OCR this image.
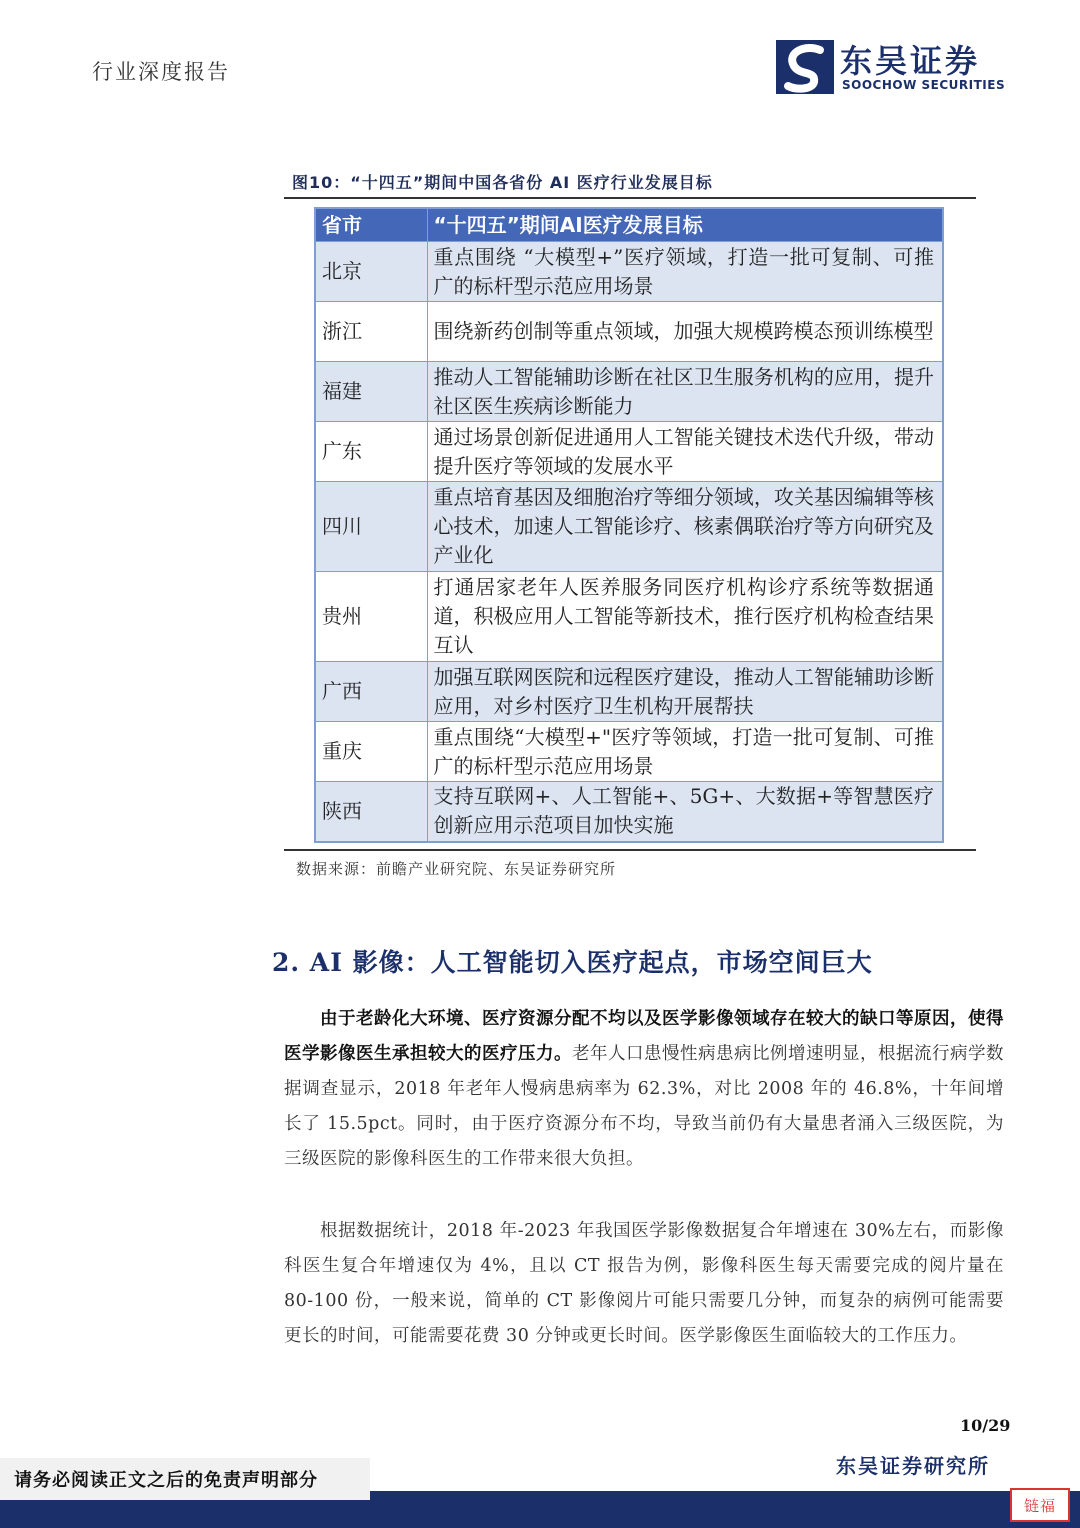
行业深度报告	东吴证券
SOOCHOW SECURITIES
图10：“十四五”期间中国各省份 AI 医疗行业发展目标
省市	“十四五”期间AI医疗发展目标
北京	重点围绕 “大模型+”医疗领域，打造一批可复制、可推广的标杆型示范应用场景
浙江	围绕新药创制等重点领域，加强大规模跨模态预训练模型
福建	推动人工智能辅助诊断在社区卫生服务机构的应用，提升社区医生疾病诊断能力
广东	通过场景创新促进通用人工智能关键技术迭代升级，带动提升医疗等领域的发展水平
四川	重点培育基因及细胞治疗等细分领域，攻关基因编辑等核心技术，加速人工智能诊疗、核素偶联治疗等方向研究及产业化
贵州	打通居家老年人医养服务同医疗机构诊疗系统等数据通道，积极应用人工智能等新技术，推行医疗机构检查结果互认
广西	加强互联网医院和远程医疗建设，推动人工智能辅助诊断应用，对乡村医疗卫生机构开展帮扶
重庆	重点围绕“大模型+"医疗等领域，打造一批可复制、可推广的标杆型示范应用场景
陕西	支持互联网+、人工智能+、5G+、大数据+等智慧医疗创新应用示范项目加快实施
数据来源：前瞻产业研究院、东吴证券研究所
2. AI 影像：人工智能切入医疗起点，市场空间巨大
由于老龄化大环境、医疗资源分配不均以及医学影像领域存在较大的缺口等原因，使得医学影像医生承担较大的医疗压力。老年人口患慢性病患病比例增速明显，根据流行病学数据调查显示，2018 年老年人慢病患病率为 62.3%，对比 2008 年的 46.8%，十年间增长了 15.5pct。同时，由于医疗资源分布不均，导致当前仍有大量患者涌入三级医院，为三级医院的影像科医生的工作带来很大负担。
根据数据统计，2018 年-2023 年我国医学影像数据复合年增速在 30%左右，而影像科医生复合年增速仅为 4%，且以 CT 报告为例，影像科医生每天需要完成的阅片量在 80-100 份，一般来说，简单的 CT 影像阅片可能只需要几分钟，而复杂的病例可能需要更长的时间，可能需要花费 30 分钟或更长时间。医学影像医生面临较大的工作压力。
10/29
东吴证券研究所
请务必阅读正文之后的免责声明部分
链福
